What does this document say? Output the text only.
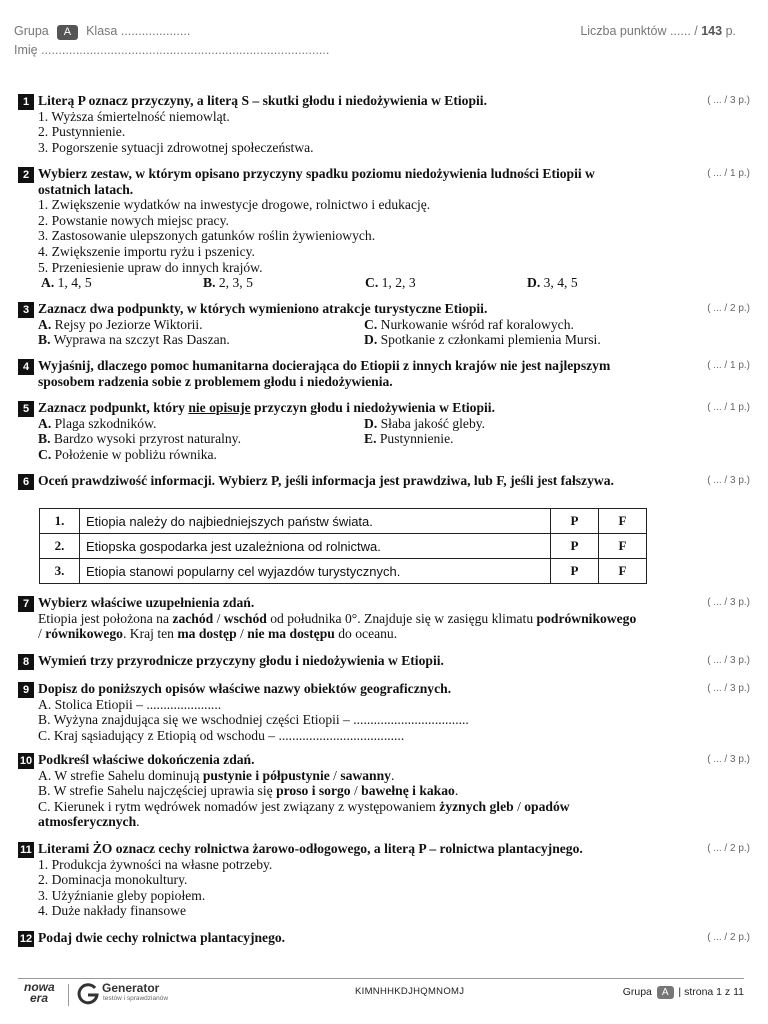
Grupa A Klasa ....................
Imię ...................................................................................
Liczba punktów ...... / 143 p.
1	( ... / 3 p.)
Literą P oznacz przyczyny, a literą S – skutki głodu i niedożywienia w Etiopii.
1. Wyższa śmiertelność niemowląt.
2. Pustynnienie.
3. Pogorszenie sytuacji zdrowotnej społeczeństwa.
2	( ... / 1 p.)
Wybierz zestaw, w którym opisano przyczyny spadku poziomu niedożywienia ludności Etiopii w ostatnich latach.
1. Zwiększenie wydatków na inwestycje drogowe, rolnictwo i edukację.
2. Powstanie nowych miejsc pracy.
3. Zastosowanie ulepszonych gatunków roślin żywieniowych.
4. Zwiększenie importu ryżu i pszenicy.
5. Przeniesienie upraw do innych krajów.
A. 1, 4, 5	B. 2, 3, 5	C. 1, 2, 3	D. 3, 4, 5
3	( ... / 2 p.)
Zaznacz dwa podpunkty, w których wymieniono atrakcje turystyczne Etiopii.
A. Rejsy po Jeziorze Wiktorii.	C. Nurkowanie wśród raf koralowych.
B. Wyprawa na szczyt Ras Daszan.	D. Spotkanie z członkami plemienia Mursi.
4	( ... / 1 p.)
Wyjaśnij, dlaczego pomoc humanitarna docierająca do Etiopii z innych krajów nie jest najlepszym sposobem radzenia sobie z problemem głodu i niedożywienia.
5	( ... / 1 p.)
Zaznacz podpunkt, który nie opisuje przyczyn głodu i niedożywienia w Etiopii.
A. Plaga szkodników.	D. Słaba jakość gleby.
B. Bardzo wysoki przyrost naturalny.	E. Pustynnienie.
C. Położenie w pobliżu równika.
6	( ... / 3 p.)
Oceń prawdziwość informacji. Wybierz P, jeśli informacja jest prawdziwa, lub F, jeśli jest fałszywa.
1.	Etiopia należy do najbiedniejszych państw świata.	P	F
2.	Etiopska gospodarka jest uzależniona od rolnictwa.	P	F
3.	Etiopia stanowi popularny cel wyjazdów turystycznych.	P	F
7	( ... / 3 p.)
Wybierz właściwe uzupełnienia zdań.
Etiopia jest położona na zachód / wschód od południka 0°. Znajduje się w zasięgu klimatu podrównikowego
/ równikowego. Kraj ten ma dostęp / nie ma dostępu do oceanu.
8	( ... / 3 p.)
Wymień trzy przyrodnicze przyczyny głodu i niedożywienia w Etiopii.
9	( ... / 3 p.)
Dopisz do poniższych opisów właściwe nazwy obiektów geograficznych.
A. Stolica Etiopii – ......................
B. Wyżyna znajdująca się we wschodniej części Etiopii – ..................................
C. Kraj sąsiadujący z Etiopią od wschodu – .....................................
10	( ... / 3 p.)
Podkreśl właściwe dokończenia zdań.
A. W strefie Sahelu dominują pustynie i półpustynie / sawanny.
B. W strefie Sahelu najczęściej uprawia się proso i sorgo / bawełnę i kakao.
C. Kierunek i rytm wędrówek nomadów jest związany z występowaniem żyznych gleb / opadów
atmosferycznych.
11	( ... / 2 p.)
Literami ŻO oznacz cechy rolnictwa żarowo-odłogowego, a literą P – rolnictwa plantacyjnego.
1. Produkcja żywności na własne potrzeby.
2. Dominacja monokultury.
3. Użyźnianie gleby popiołem.
4. Duże nakłady finansowe
12	( ... / 2 p.)
Podaj dwie cechy rolnictwa plantacyjnego.
nowa
era
Generator
testów i sprawdzianów
KIMNHHKDJHQMNOMJ	Grupa A | strona 1 z 11
